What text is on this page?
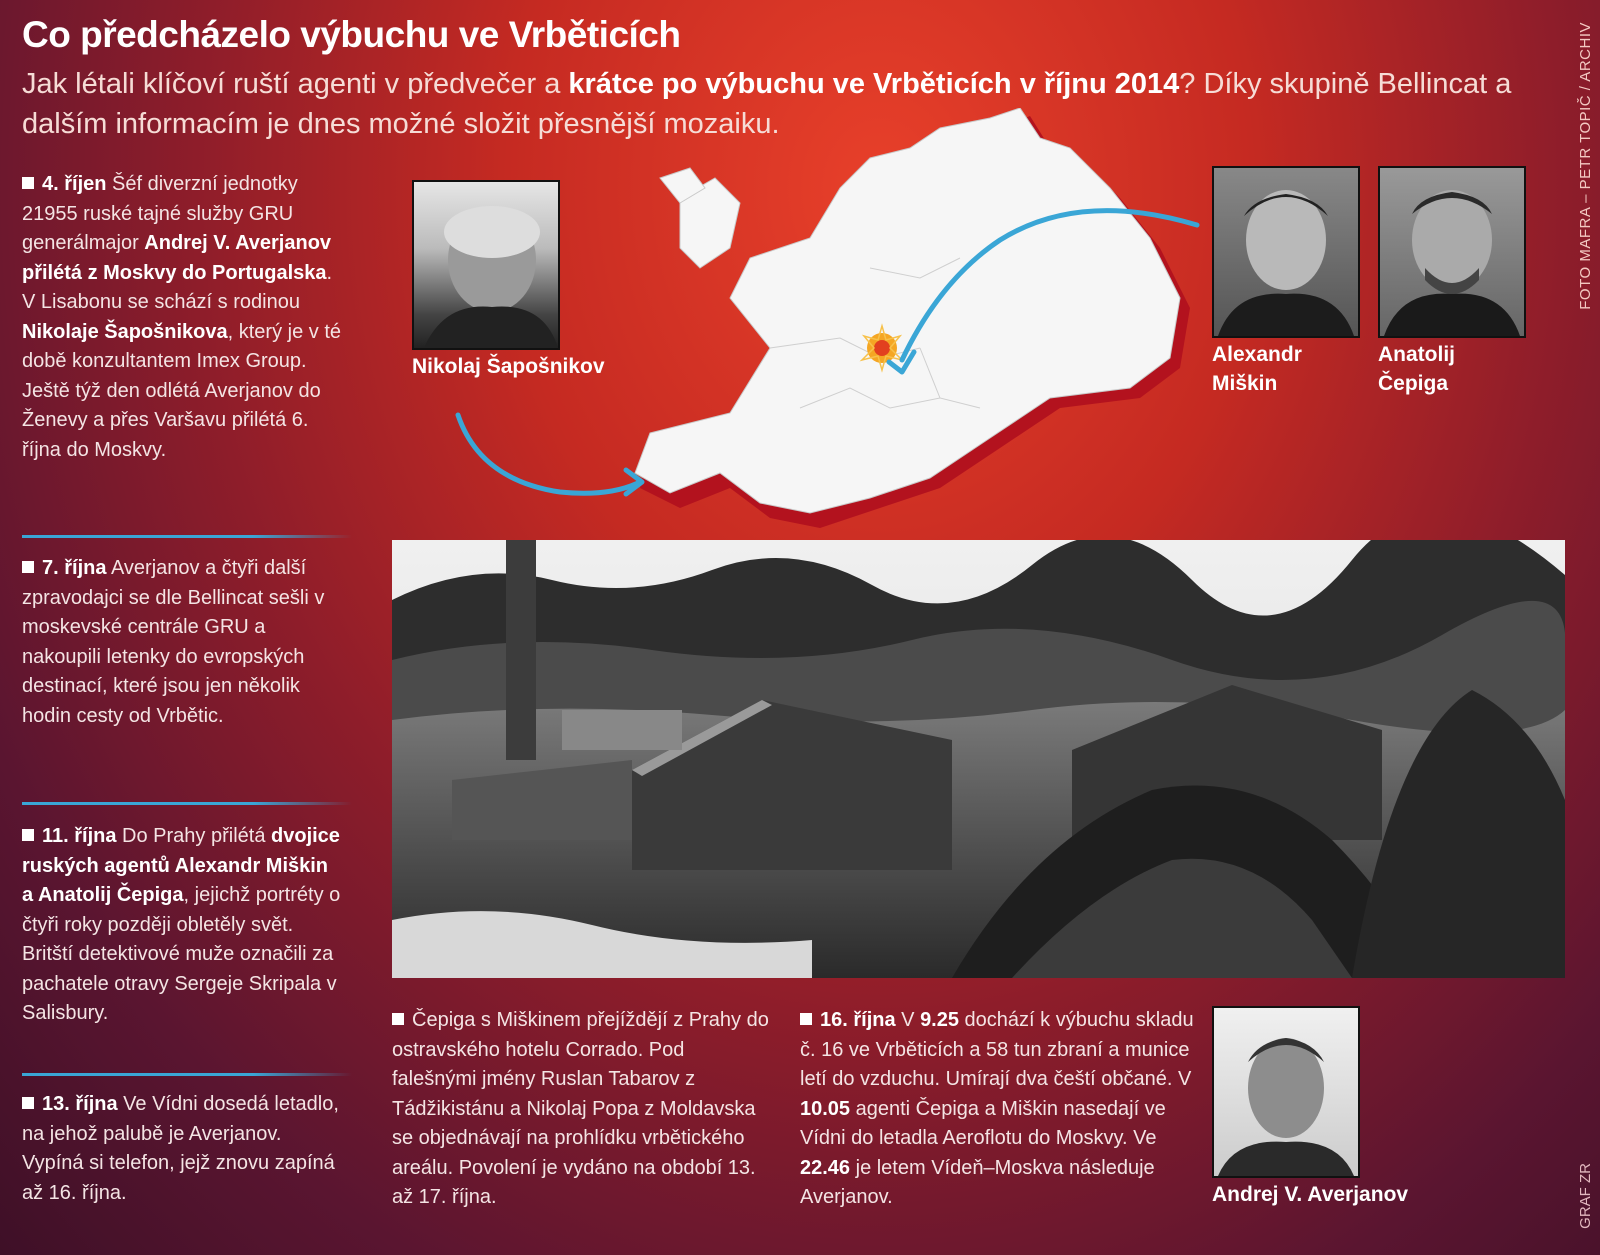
Co předcházelo výbuchu ve Vrběticích
Jak létali klíčoví ruští agenti v předvečer a krátce po výbuchu ve Vrběticích v říjnu 2014? Díky skupině Bellincat a dalším informacím je dnes možné složit přesnější mozaiku.	FOTO MAFRA – PETR TOPIČ / ARCHIV
GRAF ZR
Nikolaj Šapošnikov
Alexandr Miškin
Anatolij Čepiga
Andrej V. Averjanov
4. říjen Šéf diverzní jednotky 21955 ruské tajné služby GRU generálmajor Andrej V. Averjanov přilétá z Moskvy do Portugalska. V Lisabonu se schází s rodinou Nikolaje Šapošnikova, který je v té době konzultantem Imex Group. Ještě týž den odlétá Averjanov do Ženevy a přes Varšavu přilétá 6. října do Moskvy.
7. října Averjanov a čtyři další zpravodajci se dle Bellincat sešli v moskevské centrále GRU a nakoupili letenky do evropských destinací, které jsou jen několik hodin cesty od Vrbětic.
11. října Do Prahy přilétá dvojice ruských agentů Alexandr Miškin a Anatolij Čepiga, jejichž portréty o čtyři roky později obletěly svět. Britští detektivové muže označili za pachatele otravy Sergeje Skripala v Salisbury.
13. října Ve Vídni dosedá letadlo, na jehož palubě je Averjanov. Vypíná si telefon, jejž znovu zapíná až 16. října.
Čepiga s Miškinem přejíždějí z Prahy do ostravského hotelu Corrado. Pod falešnými jmény Ruslan Tabarov z Tádžikistánu a Nikolaj Popa z Moldavska se objednávají na prohlídku vrbětického areálu. Povolení je vydáno na období 13. až 17. října.
16. října V 9.25 dochází k výbuchu skladu č. 16 ve Vrběticích a 58 tun zbraní a munice letí do vzduchu. Umírají dva čeští občané. V 10.05 agenti Čepiga a Miškin nasedají ve Vídni do letadla Aeroflotu do Moskvy. Ve 22.46 je letem Vídeň–Moskva následuje Averjanov.
